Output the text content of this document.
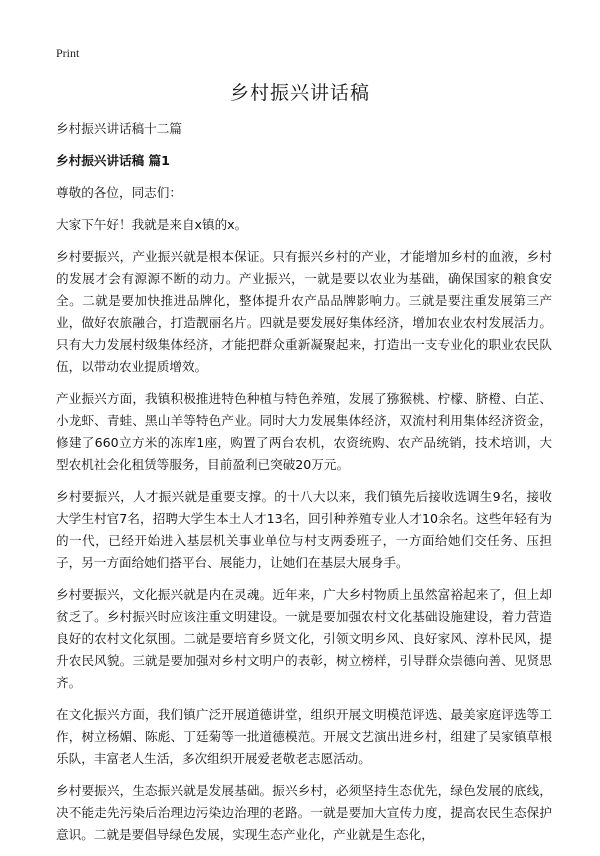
Print
乡村振兴讲话稿

乡村振兴讲话稿十二篇

乡村振兴讲话稿 篇1

尊敬的各位，同志们：

大家下午好！我就是来自x镇的x。

乡村要振兴，产业振兴就是根本保证。只有振兴乡村的产业，才能增加乡村的血液，乡村的发展才会有源源不断的动力。产业振兴，一就是要以农业为基础，确保国家的粮食安全。二就是要加快推进品牌化，整体提升农产品品牌影响力。三就是要注重发展第三产业，做好农旅融合，打造靓丽名片。四就是要发展好集体经济，增加农业农村发展活力。只有大力发展村级集体经济，才能把群众重新凝聚起来，打造出一支专业化的职业农民队伍，以带动农业提质增效。

产业振兴方面，我镇积极推进特色种植与特色养殖，发展了猕猴桃、柠檬、脐橙、白芷、小龙虾、青蛙、黑山羊等特色产业。同时大力发展集体经济，双流村利用集体经济资金，修建了660立方米的冻库1座，购置了两台农机，农资统购、农产品统销，技术培训，大型农机社会化租赁等服务，目前盈利已突破20万元。

乡村要振兴，人才振兴就是重要支撑。的十八大以来，我们镇先后接收选调生9名，接收大学生村官7名，招聘大学生本土人才13名，回引种养殖专业人才10余名。这些年轻有为的一代，已经开始进入基层机关事业单位与村支两委班子，一方面给她们交任务、压担子，另一方面给她们搭平台、展能力，让她们在基层大展身手。

乡村要振兴，文化振兴就是内在灵魂。近年来，广大乡村物质上虽然富裕起来了，但上却贫乏了。乡村振兴时应该注重文明建设。一就是要加强农村文化基础设施建设，着力营造良好的农村文化氛围。二就是要培育乡贤文化，引领文明乡风、良好家风、淳朴民风，提升农民风貌。三就是要加强对乡村文明户的表彰，树立榜样，引导群众崇德向善、见贤思齐。

在文化振兴方面，我们镇广泛开展道德讲堂，组织开展文明模范评选、最美家庭评选等工作，树立杨媚、陈彪、丁廷菊等一批道德模范。开展文艺演出进乡村，组建了吴家镇草根乐队，丰富老人生活，多次组织开展爱老敬老志愿活动。

乡村要振兴，生态振兴就是发展基础。振兴乡村，必须坚持生态优先，绿色发展的底线，决不能走先污染后治理边污染边治理的老路。一就是要加大宣传力度，提高农民生态保护意识。二就是要倡导绿色发展，实现生态产业化，产业就是生态化，
